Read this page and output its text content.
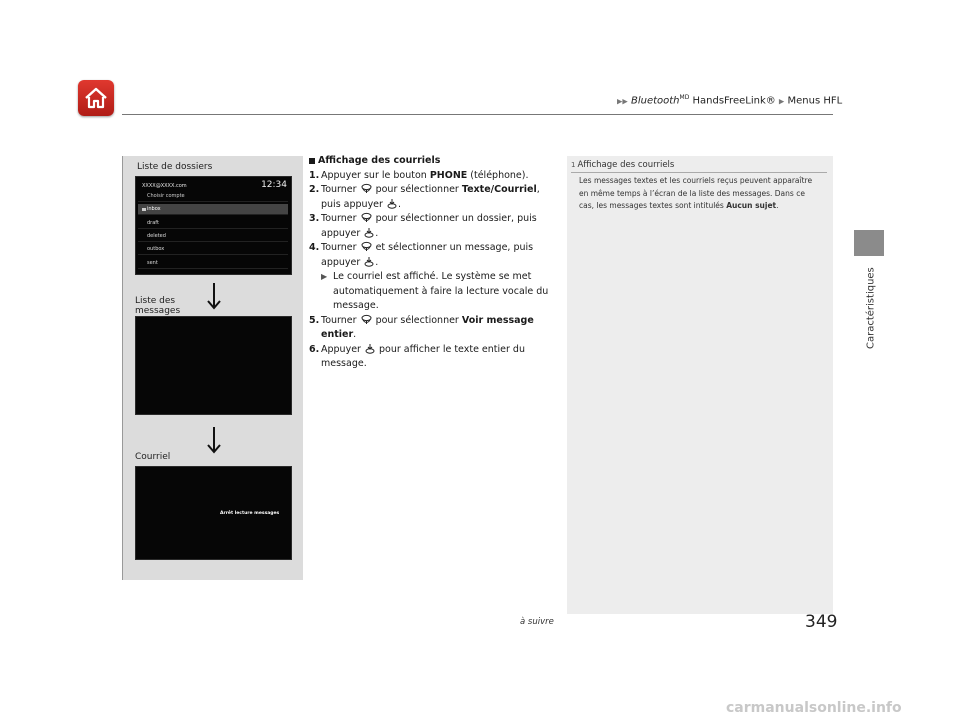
▶▶ Bluetooth$^{MD}$ HandsFreeLink® ▶ Menus HFL
Caractéristiques
Liste de dossiers
XXXX@XXXX.com	12:34
Choisir compte
inbox
draft
deleted
outbox
sent
Liste des
messages
Courriel
Arrêt lecture messages
Affichage des courriels
1. Appuyer sur le bouton PHONE (téléphone).
2. Tourner  pour sélectionner Texte/Courriel,
puis appuyer .
3. Tourner  pour sélectionner un dossier, puis
appuyer .
4. Tourner  et sélectionner un message, puis
appuyer .
▶ Le courriel est affiché. Le système se met
automatiquement à faire la lecture vocale du
message.
5. Tourner  pour sélectionner Voir message
entier.
6. Appuyer  pour afficher le texte entier du
message.
1 Affichage des courriels
Les messages textes et les courriels reçus peuvent apparaître
en même temps à l’écran de la liste des messages. Dans ce
cas, les messages textes sont intitulés Aucun sujet.
à suivre	349
carmanualsonline.info
